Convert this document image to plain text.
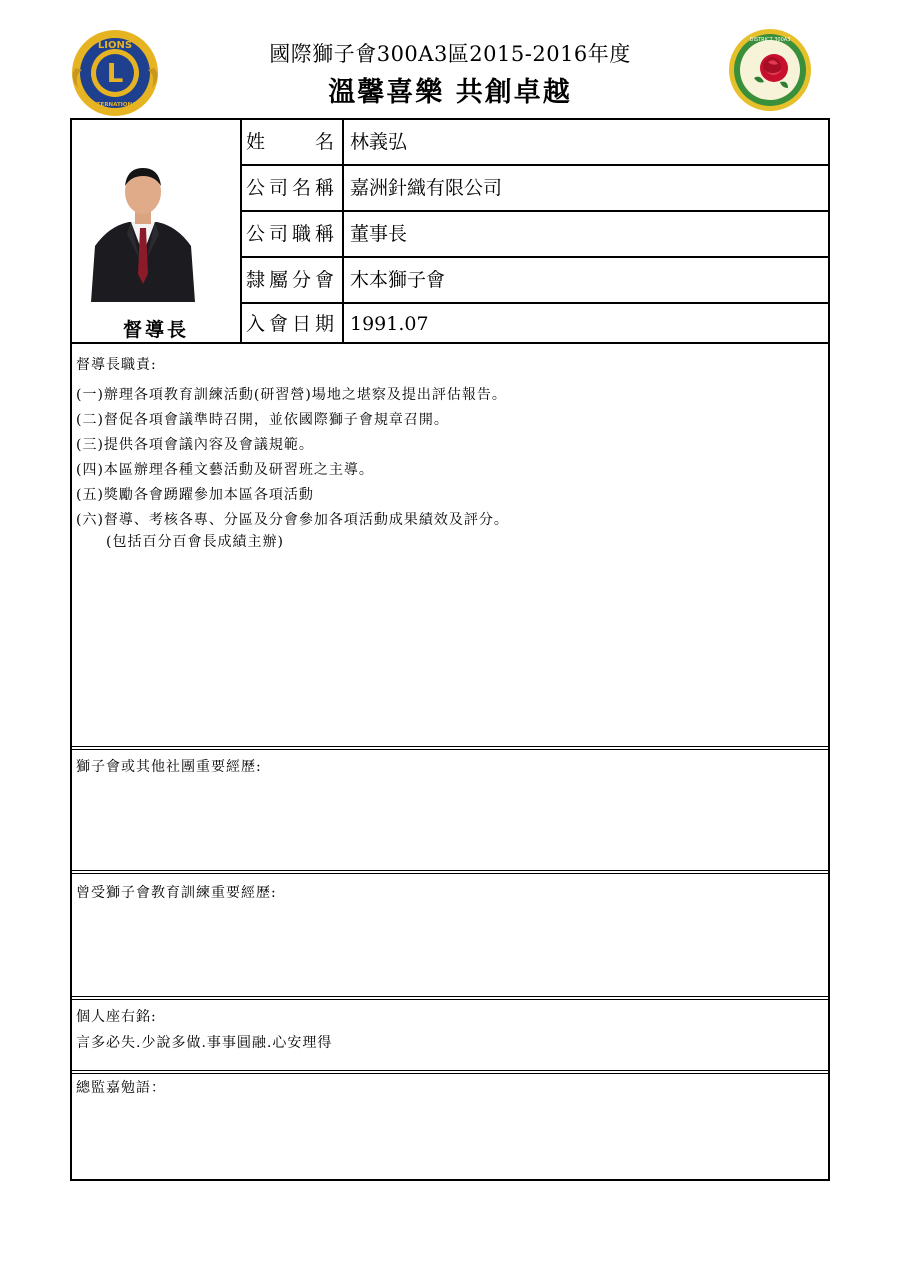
L
LIONS
INTERNATIONAL
國際獅子會300A3區2015-2016年度
溫馨喜樂 共創卓越
DISTRICT 300A3
督導長
姓　　名 林義弘
公司名稱 嘉洲針織有限公司
公司職稱 董事長
隸屬分會 木本獅子會
入會日期 1991.07
督導長職責:
(一)辦理各項教育訓練活動(研習營)場地之堪察及提出評估報告。
(二)督促各項會議準時召開，並依國際獅子會規章召開。
(三)提供各項會議內容及會議規範。
(四)本區辦理各種文藝活動及研習班之主導。
(五)獎勵各會踴躍參加本區各項活動
(六)督導、考核各專、分區及分會參加各項活動成果績效及評分。
　　(包括百分百會長成績主辦)
獅子會或其他社團重要經歷:
曾受獅子會教育訓練重要經歷:
個人座右銘:
言多必失.少說多做.事事圓融.心安理得
總監嘉勉語：
